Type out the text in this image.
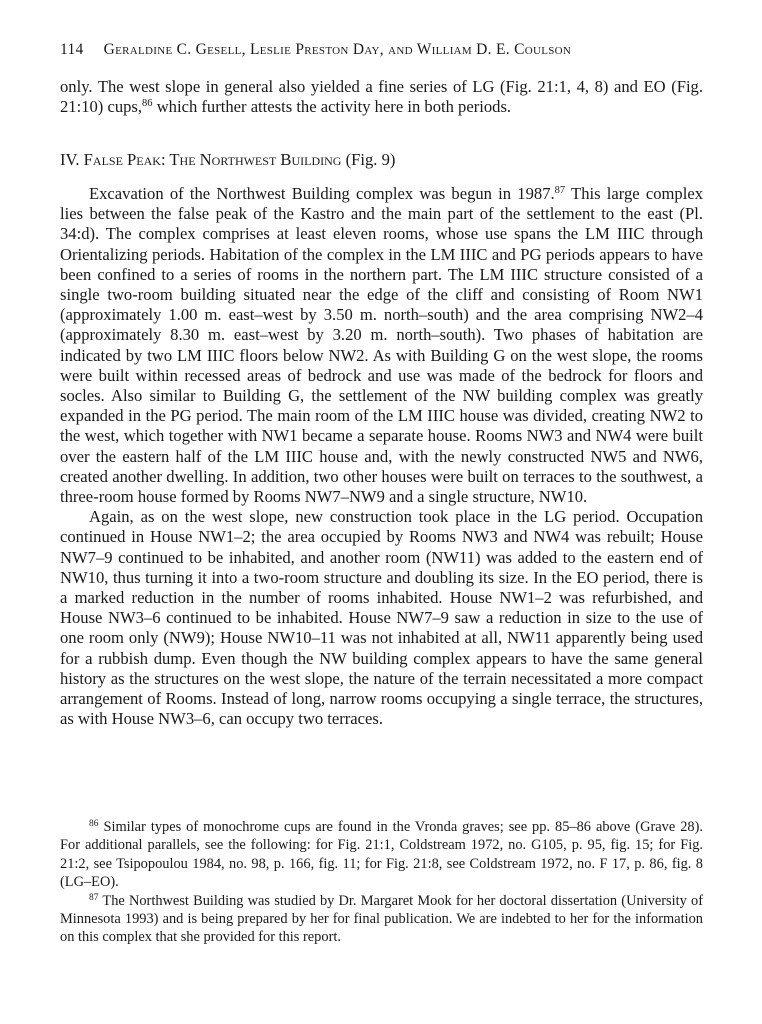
114 Geraldine C. Gesell, Leslie Preston Day, and William D. E. Coulson

only. The west slope in general also yielded a fine series of LG (Fig. 21:1, 4, 8) and EO (Fig. 21:10) cups,$^{86}$ which further attests the activity here in both periods.

IV. False Peak: The Northwest Building (Fig. 9)

Excavation of the Northwest Building complex was begun in 1987.87 This large complex lies between the false peak of the Kastro and the main part of the settlement to the east (Pl. 34:d). The complex comprises at least eleven rooms, whose use spans the LM IIIC through Orientalizing periods. Habitation of the complex in the LM IIIC and PG periods appears to have been confined to a series of rooms in the northern part. The LM IIIC structure consisted of a single two-room building situated near the edge of the cliff and consisting of Room NW1 (approximately 1.00 m. east–west by 3.50 m. north–south) and the area comprising NW2–4 (approximately 8.30 m. east–west by 3.20 m. north–south). Two phases of habitation are indicated by two LM IIIC floors below NW2. As with Building G on the west slope, the rooms were built within recessed areas of bedrock and use was made of the bedrock for floors and socles. Also similar to Building G, the settlement of the NW building complex was greatly expanded in the PG period. The main room of the LM IIIC house was divided, creating NW2 to the west, which together with NW1 became a separate house. Rooms NW3 and NW4 were built over the eastern half of the LM IIIC house and, with the newly constructed NW5 and NW6, created another dwelling. In addition, two other houses were built on terraces to the southwest, a three-room house formed by Rooms NW7–NW9 and a single structure, NW10.

Again, as on the west slope, new construction took place in the LG period. Occupation continued in House NW1–2; the area occupied by Rooms NW3 and NW4 was rebuilt; House NW7–9 continued to be inhabited, and another room (NW11) was added to the eastern end of NW10, thus turning it into a two-room structure and doubling its size. In the EO period, there is a marked reduction in the number of rooms inhabited. House NW1–2 was refurbished, and House NW3–6 continued to be inhabited. House NW7–9 saw a reduction in size to the use of one room only (NW9); House NW10–11 was not inhabited at all, NW11 apparently being used for a rubbish dump. Even though the NW building complex appears to have the same general history as the structures on the west slope, the nature of the terrain necessitated a more compact arrangement of Rooms. Instead of long, narrow rooms occupying a single terrace, the structures, as with House NW3–6, can occupy two terraces.

$^{86}$ Similar types of monochrome cups are found in the Vronda graves; see pp. 85–86 above (Grave 28). For additional parallels, see the following: for Fig. 21:1, Coldstream 1972, no. G105, p. 95, fig. 15; for Fig. 21:2, see Tsipopoulou 1984, no. 98, p. 166, fig. 11; for Fig. 21:8, see Coldstream 1972, no. F 17, p. 86, fig. 8 (LG–EO).

$^{87}$ The Northwest Building was studied by Dr. Margaret Mook for her doctoral dissertation (University of Minnesota 1993) and is being prepared by her for final publication. We are indebted to her for the information on this complex that she provided for this report.
